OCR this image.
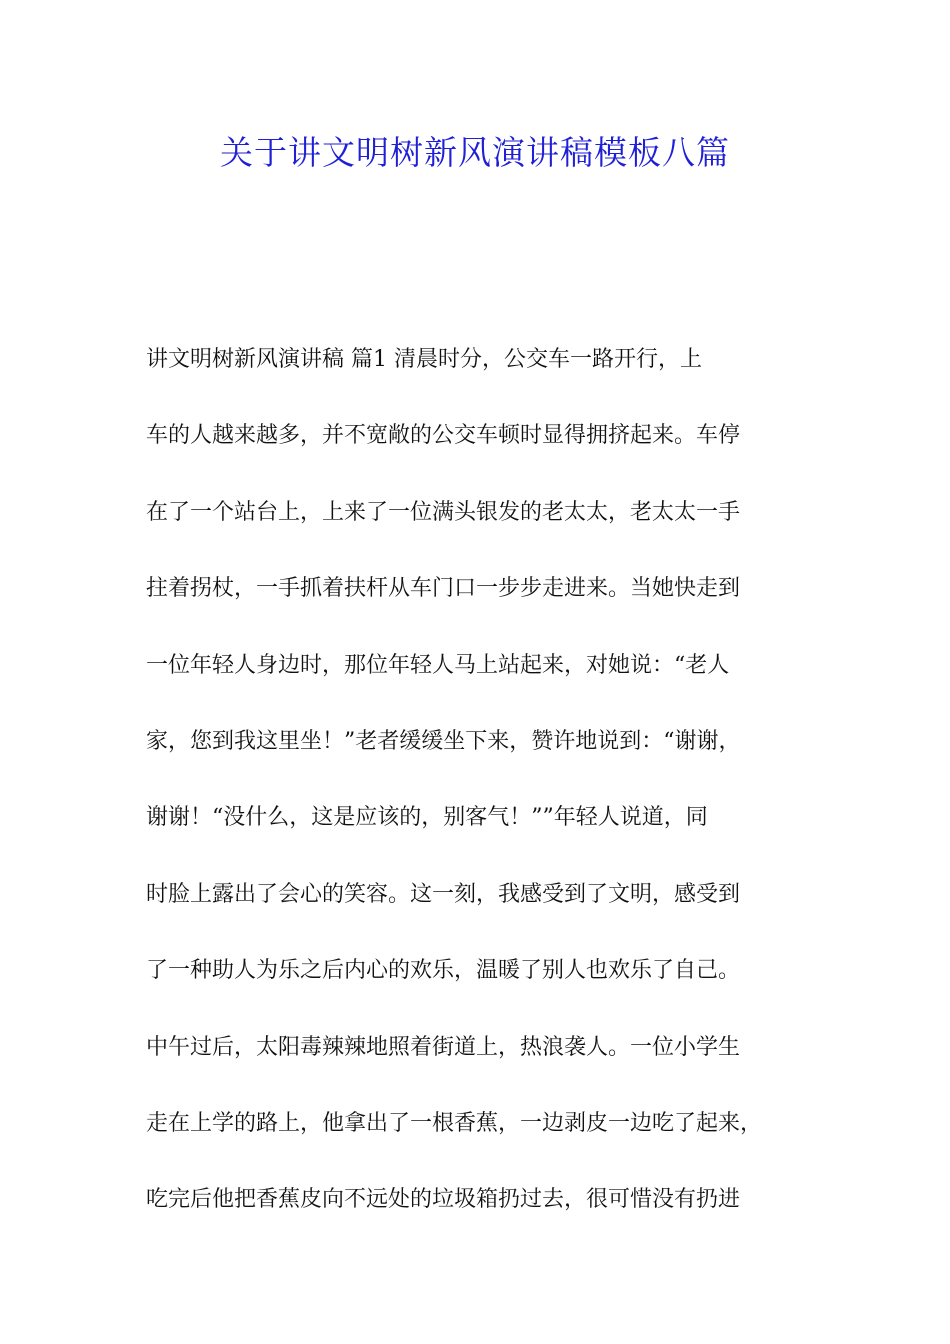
关于讲文明树新风演讲稿模板八篇
讲文明树新风演讲稿 篇1 清晨时分，公交车一路开行，上
车的人越来越多，并不宽敞的公交车顿时显得拥挤起来。车停
在了一个站台上，上来了一位满头银发的老太太，老太太一手
拄着拐杖，一手抓着扶杆从车门口一步步走进来。当她快走到
一位年轻人身边时，那位年轻人马上站起来，对她说：“老人
家，您到我这里坐！”老者缓缓坐下来，赞许地说到：“谢谢，
谢谢！“没什么，这是应该的，别客气！””年轻人说道，同
时脸上露出了会心的笑容。这一刻，我感受到了文明，感受到
了一种助人为乐之后内心的欢乐，温暖了别人也欢乐了自己。
中午过后，太阳毒辣辣地照着街道上，热浪袭人。一位小学生
走在上学的路上，他拿出了一根香蕉，一边剥皮一边吃了起来，
吃完后他把香蕉皮向不远处的垃圾箱扔过去，很可惜没有扔进
